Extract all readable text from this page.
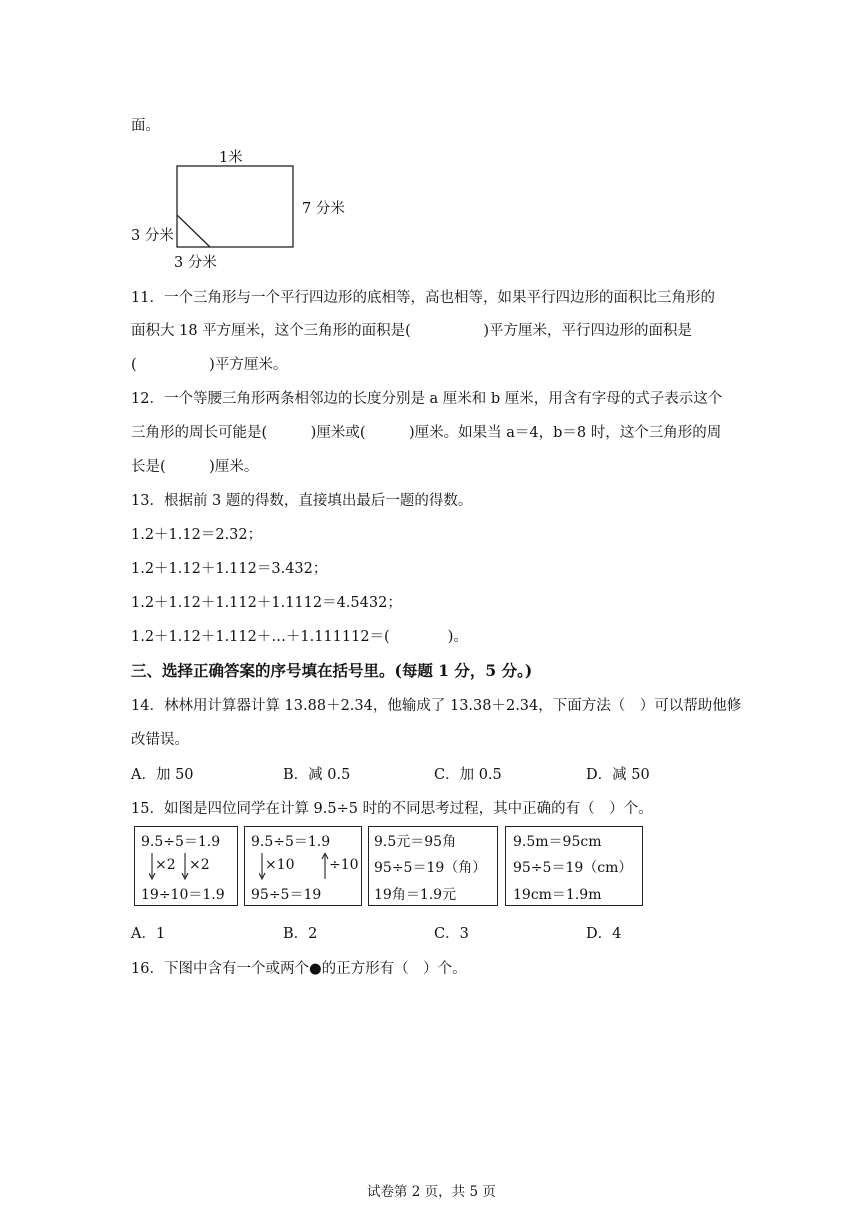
面。
1米
7 分米
3 分米
3 分米
11．一个三角形与一个平行四边形的底相等，高也相等，如果平行四边形的面积比三角形的
面积大 18 平方厘米，这个三角形的面积是(　　　　　)平方厘米，平行四边形的面积是
(　　　　　)平方厘米。
12．一个等腰三角形两条相邻边的长度分别是 a 厘米和 b 厘米，用含有字母的式子表示这个
三角形的周长可能是(　　　)厘米或(　　　)厘米。如果当 a＝4，b＝8 时，这个三角形的周
长是(　　　)厘米。
13．根据前 3 题的得数，直接填出最后一题的得数。
1.2＋1.12＝2.32；
1.2＋1.12＋1.112＝3.432；
1.2＋1.12＋1.112＋1.1112＝4.5432；
1.2＋1.12＋1.112＋…＋1.111112＝(　　　　)。
三、选择正确答案的序号填在括号里。(每题 1 分，5 分。)
14．林林用计算器计算 13.88＋2.34，他输成了 13.38＋2.34，下面方法（　）可以帮助他修
改错误。
A．加 50	B．减 0.5	C．加 0.5	D．减 50
15．如图是四位同学在计算 9.5÷5 时的不同思考过程，其中正确的有（　）个。
9.5÷5＝1.9
×2 ×2
19÷10＝1.9
9.5÷5＝1.9
×10 ÷10
95÷5＝19
9.5元＝95角
95÷5＝19（角）
19角＝1.9元
9.5m＝95cm
95÷5＝19（cm）
19cm＝1.9m
A．1	B．2	C．3	D．4
16．下图中含有一个或两个●的正方形有（　）个。
试卷第 2 页，共 5 页
